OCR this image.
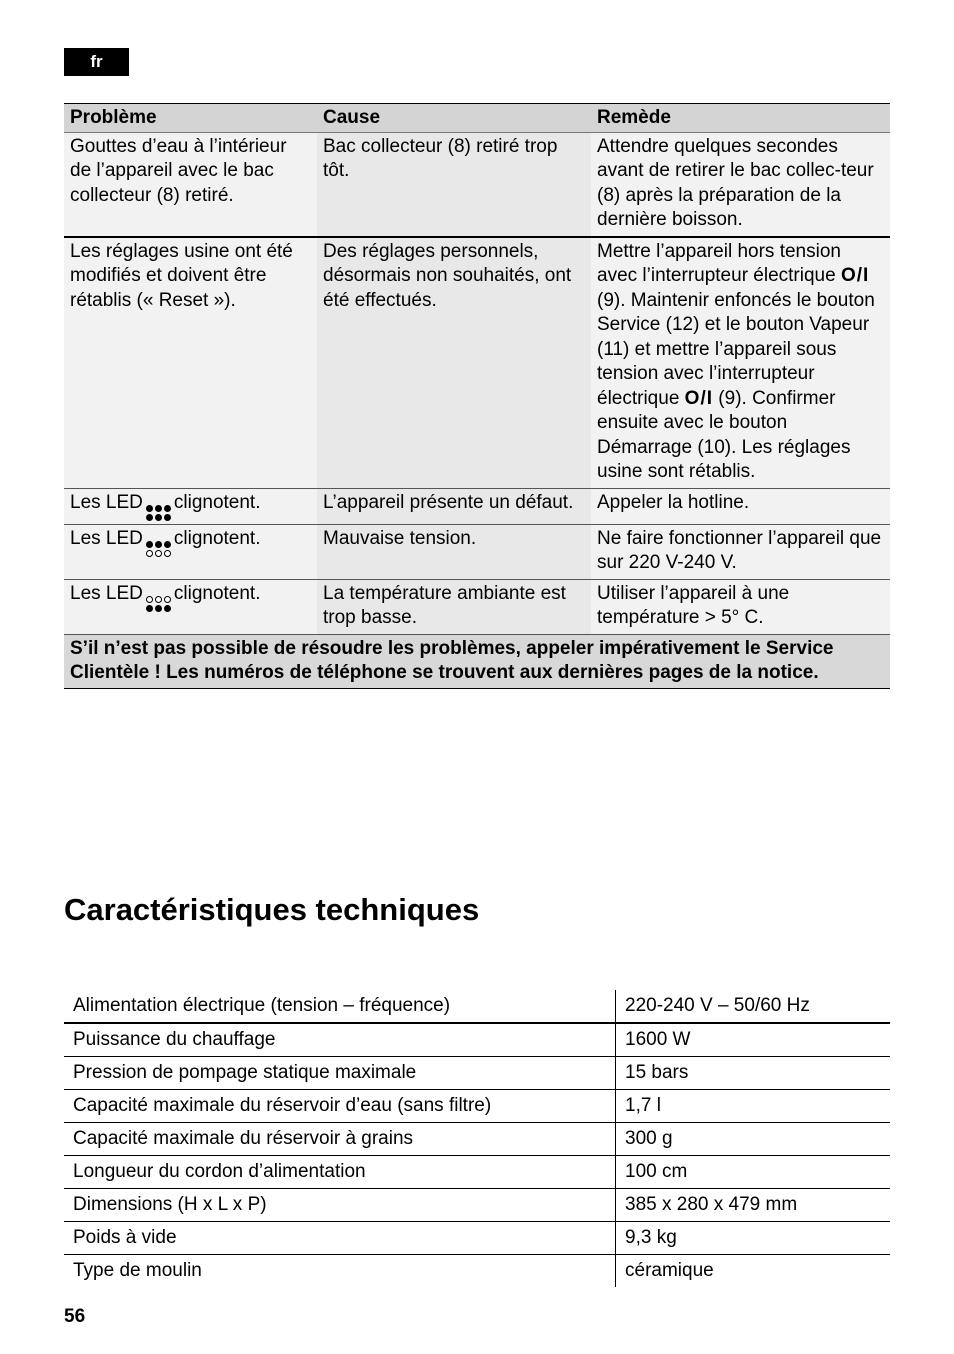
fr
Problème	Cause	Remède
Gouttes d’eau à l’intérieur de l’appareil avec le bac collecteur (8) retiré.	Bac collecteur (8) retiré trop tôt.	Attendre quelques secondes avant de retirer le bac collec-teur (8) après la préparation de la dernière boisson.
Les réglages usine ont été modifiés et doivent être rétablis (« Reset »).	Des réglages personnels, désormais non souhaités, ont été effectués.	Mettre l’appareil hors tension avec l’interrupteur électrique O/I (9). Maintenir enfoncés le bouton Service (12) et le bouton Vapeur (11) et mettre l’appareil sous tension avec l’interrupteur électrique O/I (9). Confirmer ensuite avec le bouton Démarrage (10). Les réglages usine sont rétablis.
Les LED clignotent.	L’appareil présente un défaut.	Appeler la hotline.
Les LED clignotent.	Mauvaise tension.	Ne faire fonctionner l’appareil que sur 220 V-240 V.
Les LED clignotent.	La température ambiante est trop basse.	Utiliser l’appareil à une température > 5° C.
S’il n’est pas possible de résoudre les problèmes, appeler impérativement le Service Clientèle ! Les numéros de téléphone se trouvent aux dernières pages de la notice.		
Caractéristiques techniques
Alimentation électrique (tension – fréquence)	220-240 V – 50/60 Hz
Puissance du chauffage	1600 W
Pression de pompage statique maximale	15 bars
Capacité maximale du réservoir d’eau (sans filtre)	1,7 l
Capacité maximale du réservoir à grains	300 g
Longueur du cordon d’alimentation	100 cm
Dimensions (H x L x P)	385 x 280 x 479 mm
Poids à vide	9,3 kg
Type de moulin	céramique
56
